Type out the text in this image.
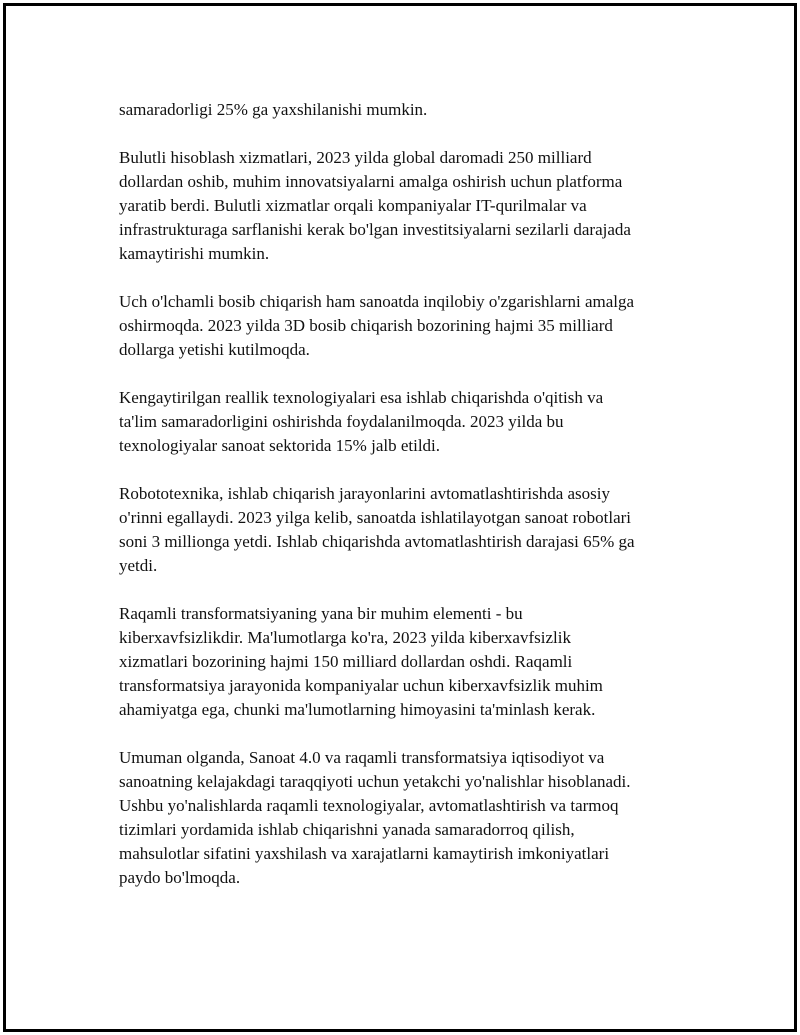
samaradorligi 25% ga yaxshilanishi mumkin.

Bulutli hisoblash xizmatlari, 2023 yilda global daromadi 250 milliard
dollardan oshib, muhim innovatsiyalarni amalga oshirish uchun platforma
yaratib berdi. Bulutli xizmatlar orqali kompaniyalar IT-qurilmalar va
infrastrukturaga sarflanishi kerak bo'lgan investitsiyalarni sezilarli darajada
kamaytirishi mumkin.

Uch o'lchamli bosib chiqarish ham sanoatda inqilobiy o'zgarishlarni amalga
oshirmoqda. 2023 yilda 3D bosib chiqarish bozorining hajmi 35 milliard
dollarga yetishi kutilmoqda.

Kengaytirilgan reallik texnologiyalari esa ishlab chiqarishda o'qitish va
ta'lim samaradorligini oshirishda foydalanilmoqda. 2023 yilda bu
texnologiyalar sanoat sektorida 15% jalb etildi.

Robototexnika, ishlab chiqarish jarayonlarini avtomatlashtirishda asosiy
o'rinni egallaydi. 2023 yilga kelib, sanoatda ishlatilayotgan sanoat robotlari
soni 3 millionga yetdi. Ishlab chiqarishda avtomatlashtirish darajasi 65% ga
yetdi.

Raqamli transformatsiyaning yana bir muhim elementi - bu
kiberxavfsizlikdir. Ma'lumotlarga ko'ra, 2023 yilda kiberxavfsizlik
xizmatlari bozorining hajmi 150 milliard dollardan oshdi. Raqamli
transformatsiya jarayonida kompaniyalar uchun kiberxavfsizlik muhim
ahamiyatga ega, chunki ma'lumotlarning himoyasini ta'minlash kerak.

Umuman olganda, Sanoat 4.0 va raqamli transformatsiya iqtisodiyot va
sanoatning kelajakdagi taraqqiyoti uchun yetakchi yo'nalishlar hisoblanadi.
Ushbu yo'nalishlarda raqamli texnologiyalar, avtomatlashtirish va tarmoq
tizimlari yordamida ishlab chiqarishni yanada samaradorroq qilish,
mahsulotlar sifatini yaxshilash va xarajatlarni kamaytirish imkoniyatlari
paydo bo'lmoqda.
